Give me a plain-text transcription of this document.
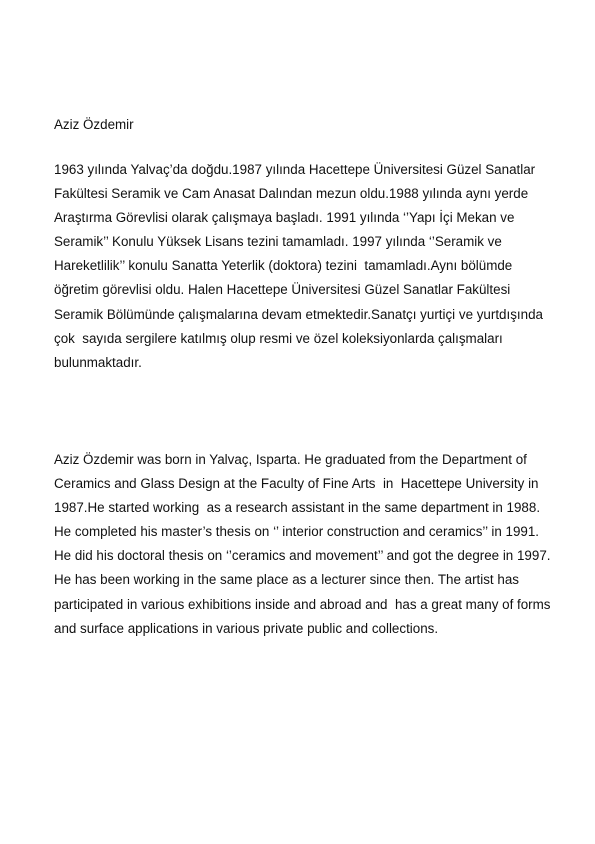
Aziz Özdemir
1963 yılında Yalvaç’da doğdu.1987 yılında Hacettepe Üniversitesi Güzel Sanatlar
Fakültesi Seramik ve Cam Anasat Dalından mezun oldu.1988 yılında aynı yerde
Araştırma Görevlisi olarak çalışmaya başladı. 1991 yılında ‘’Yapı İçi Mekan ve
Seramik’’ Konulu Yüksek Lisans tezini tamamladı. 1997 yılında ‘’Seramik ve
Hareketlilik’’ konulu Sanatta Yeterlik (doktora) tezini  tamamladı.Aynı bölümde
öğretim görevlisi oldu. Halen Hacettepe Üniversitesi Güzel Sanatlar Fakültesi
Seramik Bölümünde çalışmalarına devam etmektedir.Sanatçı yurtiçi ve yurtdışında
çok  sayıda sergilere katılmış olup resmi ve özel koleksiyonlarda çalışmaları
bulunmaktadır.
Aziz Özdemir was born in Yalvaç, Isparta. He graduated from the Department of
Ceramics and Glass Design at the Faculty of Fine Arts  in  Hacettepe University in
1987.He started working  as a research assistant in the same department in 1988.
He completed his master’s thesis on ‘’ interior construction and ceramics’’ in 1991.
He did his doctoral thesis on ‘’ceramics and movement’’ and got the degree in 1997.
He has been working in the same place as a lecturer since then. The artist has
participated in various exhibitions inside and abroad and  has a great many of forms
and surface applications in various private public and collections.
